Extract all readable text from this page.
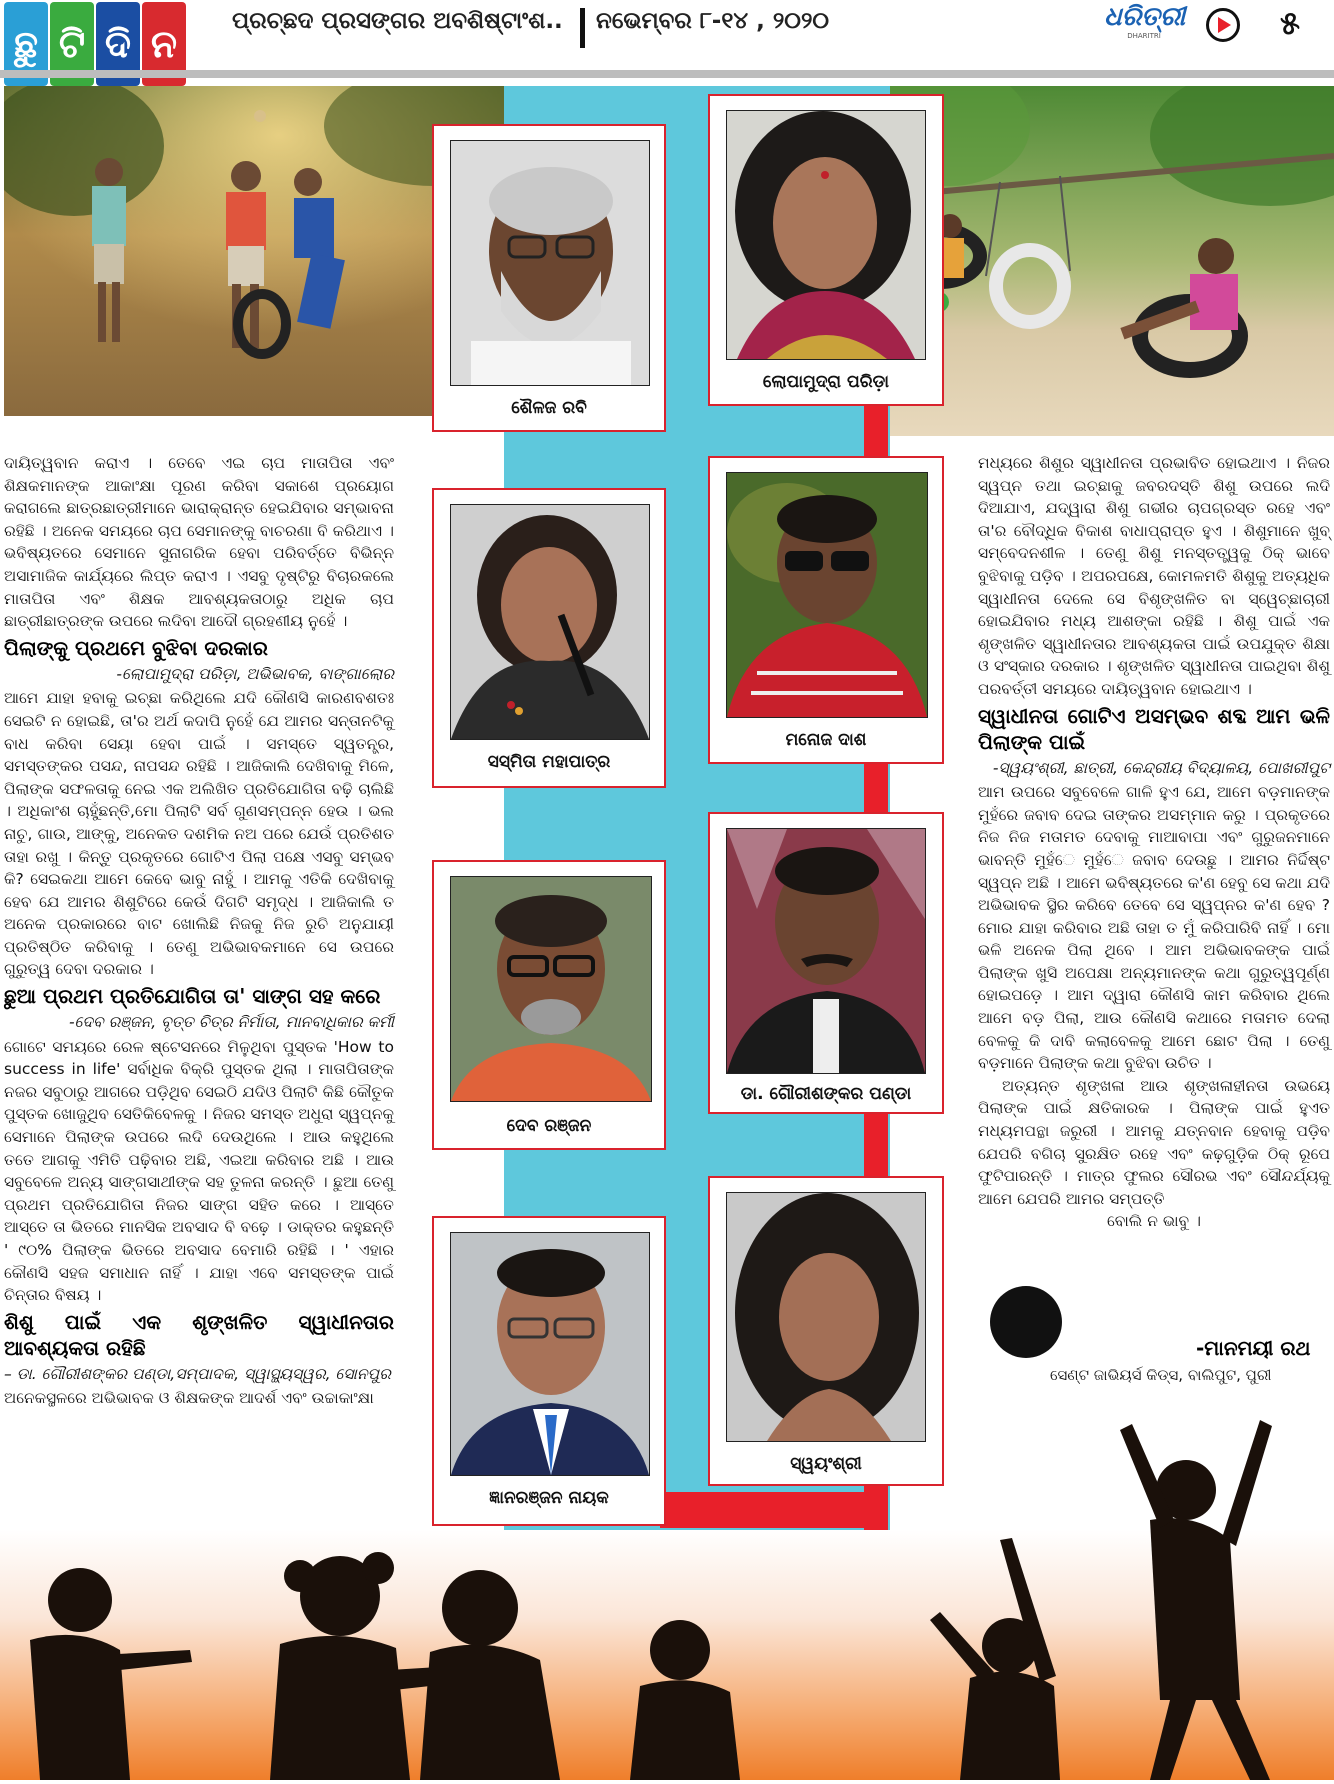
ଛୁ ଟି ଦି ନ
ପ୍ରଚ୍ଛଦ ପ୍ରସଙ୍ଗର ଅବଶିଷ୍ଟାଂଶ.. ନଭେମ୍ବର ୮-୧୪ , ୨୦୨୦	ଧରିତ୍ରୀ
DHARITRI	୫
ଶୈଳଜ ରବି
ଲୋପାମୁଦ୍ରା ପରିଡ଼ା
ସସ୍ମିତା ମହାପାତ୍ର
ମନୋଜ ଦାଶ
ଦେବ ରଞ୍ଜନ
ଡା. ଗୌରୀଶଙ୍କର ପଣ୍ଡା
ଜ୍ଞାନରଞ୍ଜନ ନାୟକ
ସ୍ୱୟଂଶ୍ରୀ

ଦାୟିତ୍ୱବାନ କରାଏ । ତେବେ ଏଇ ଚାପ ମାତାପିତା ଏବଂ ଶିକ୍ଷକମାନଙ୍କ ଆକାଂକ୍ଷା ପୂରଣ କରିବା ସକାଶେ ପ୍ରୟୋଗ କରାଗଲେ ଛାତ୍ରଛାତ୍ରୀମାନେ ଭାରାକ୍ରାନ୍ତ ହେଇଯିବାର ସମ୍ଭାବନା ରହିଛି । ଅନେକ ସମୟରେ ଚାପ ସେମାନଙ୍କୁ ବାଚରଣା ବି କରିଥାଏ । ଭବିଷ୍ୟତରେ ସେମାନେ ସୁନାଗରିକ ହେବା ପରିବର୍ତ୍ତେ ବିଭିନ୍ନ ଅସାମାଜିକ କାର୍ଯ୍ୟରେ ଲିପ୍ତ କରାଏ । ଏସବୁ ଦୃଷ୍ଟିରୁ ବିଚାରକଲେ ମାତାପିତା ଏବଂ ଶିକ୍ଷକ ଆବଶ୍ୟକତାଠାରୁ ଅଧିକ ଚାପ ଛାତ୍ରୀଛାତ୍ରଙ୍କ ଉପରେ ଲଦିବା ଆଦୌ ଗ୍ରହଣୀୟ ନୁହେଁ ।

ପିଲାଙ୍କୁ ପ୍ରଥମେ ବୁଝିବା ଦରକାର
-ଲୋପାମୁଦ୍ରା ପରିଡ଼ା, ଅଭିଭାବକ, ବାଙ୍ଗାଲୋର

ଆମେ ଯାହା ହବାକୁ ଇଚ୍ଛା କରିଥିଲେ ଯଦି କୌଣସି କାରଣବଶତଃ ସେଇଟି ନ ହୋଇଛି, ତା'ର ଅର୍ଥ କଦାପି ନୁହେଁ ଯେ ଆମର ସନ୍ତାନଟିକୁ ବାଧ କରିବା ସେୟା ହେବା ପାଇଁ । ସମସ୍ତେ ସ୍ୱତନ୍ତ୍ର, ସମସ୍ତଙ୍କର ପସନ୍ଦ, ନାପସନ୍ଦ ରହିଛି । ଆଜିକାଲି ଦେଖିବାକୁ ମିଳେ, ପିଲାଙ୍କ ସଫଳତାକୁ ନେଇ ଏକ ଅଲିଖିତ ପ୍ରତିଯୋଗିତା ବଢ଼ି ଚାଲିଛି । ଅଧିକାଂଶ ଚାହୁଁଛନ୍ତି,ମୋ ପିଲାଟି ସର୍ବ ଗୁଣସମ୍ପନ୍ନ ହେଉ । ଭଲ ନାଚୁ, ଗାଉ, ଆଙ୍କୁ, ଅନେକତ ଦଶମିକ ନଅ ପରେ ଯେଉଁ ପ୍ରତିଶତ ତାହା ରଖୁ । କିନ୍ତୁ ପ୍ରକୃତରେ ଗୋଟିଏ ପିଲା ପକ୍ଷେ ଏସବୁ ସମ୍ଭବ କି? ସେଇକଥା ଆମେ କେବେ ଭାବୁ ନାହୁଁ । ଆମକୁ ଏତିକି ଦେଖିବାକୁ ହେବ ଯେ ଆମର ଶିଶୁଟିରେ କେଉଁ ଦିଗଟି ସମୃଦ୍ଧ । ଆଜିକାଲି ତ ଅନେକ ପ୍ରକାରରେ ବାଟ ଖୋଲିଛି ନିଜକୁ ନିଜ ରୁଚି ଅନୁଯାୟୀ ପ୍ରତିଷ୍ଠିତ କରିବାକୁ । ତେଣୁ ଅଭିଭାବକମାନେ ସେ ଉପରେ ଗୁରୁତ୍ୱ ଦେବା ଦରକାର ।

ଛୁଆ ପ୍ରଥମ ପ୍ରତିଯୋଗିତା ତା' ସାଙ୍ଗ ସହ କରେ
-ଦେବ ରଞ୍ଜନ, ବୃତ୍ତ ଚିତ୍ର ନିର୍ମାତା, ମାନବାଧିକାର କର୍ମୀ

ଗୋଟେ ସମୟରେ ରେଳ ଷ୍ଟେସନରେ ମିଳୁଥିବା ପୁସ୍ତକ 'How to success in life' ସର୍ବାଧିକ ବିକ୍ରି ପୁସ୍ତକ ଥିଲା । ମାତାପିତାଙ୍କ ନଜର ସବୁଠାରୁ ଆଗରେ ପଡ଼ିଥିବ ସେଇଠି ଯଦିଓ ପିଲାଟି କିଛି କୌତୁକ ପୁସ୍ତକ ଖୋଜୁଥିବ ସେତିକିବେଳକୁ । ନିଜର ସମସ୍ତ ଅଧୁରା ସ୍ୱପ୍ନକୁ ସେମାନେ ପିଲାଙ୍କ ଉପରେ ଲଦି ଦେଉଥିଲେ । ଆଉ କହୁଥିଲେ ତତେ ଆଗକୁ ଏମିତି ପଢ଼ିବାର ଅଛି, ଏଇଆ କରିବାର ଅଛି । ଆଉ ସବୁବେଳେ ଅନ୍ୟ ସାଙ୍ଗସାଥୀଙ୍କ ସହ ତୁଳନା କରନ୍ତି । ଛୁଆ ତେଣୁ ପ୍ରଥମ ପ୍ରତିଯୋଗିତା ନିଜର ସାଙ୍ଗ ସହିତ କରେ । ଆସ୍ତେ ଆସ୍ତେ ତା ଭିତରେ ମାନସିକ ଅବସାଦ ବି ବଢ଼େ । ଡାକ୍ତର କହୁଛନ୍ତି ' ୯୦% ପିଲାଙ୍କ ଭିତରେ ଅବସାଦ ବେମାରି ରହିଛି । ' ଏହାର କୌଣସି ସହଜ ସମାଧାନ ନାହିଁ । ଯାହା ଏବେ ସମସ୍ତଙ୍କ ପାଇଁ ଚିନ୍ତାର ବିଷୟ ।

ଶିଶୁ ପାଇଁ ଏକ ଶୃଙ୍ଖଳିତ ସ୍ୱାଧୀନତାର ଆବଶ୍ୟକତା ରହିଛି
– ଡା. ଗୌରୀଶଙ୍କର ପଣ୍ଡା,ସମ୍ପାଦକ, ସ୍ୱାସ୍ଥ୍ୟସ୍ୱର, ସୋନପୁର

ଅନେକସ୍ଥଳରେ ଅଭିଭାବକ ଓ ଶିକ୍ଷକଙ୍କ ଆଦର୍ଶ ଏବଂ ଉଚ୍ଚାକାଂକ୍ଷା

ମଧ୍ୟରେ ଶିଶୁର ସ୍ୱାଧୀନତା ପ୍ରଭାବିତ ହୋଇଥାଏ । ନିଜର ସ୍ୱପ୍ନ ତଥା ଇଚ୍ଛାକୁ ଜବରଦସ୍ତି ଶିଶୁ ଉପରେ ଲଦି ଦିଆଯାଏ, ଯଦ୍ୱାରା ଶିଶୁ ଗଭୀର ଚାପଗ୍ରସ୍ତ ରହେ ଏବଂ ତା'ର ବୌଦ୍ଧିକ ବିକାଶ ବାଧାପ୍ରାପ୍ତ ହୁଏ । ଶିଶୁମାନେ ଖୁବ୍ ସମ୍ବେଦନଶୀଳ । ତେଣୁ ଶିଶୁ ମନସ୍ତତ୍ତ୍ୱକୁ ଠିକ୍ ଭାବେ ବୁଝିବାକୁ ପଡ଼ିବ । ଅପରପକ୍ଷେ, କୋମଳମତି ଶିଶୁକୁ ଅତ୍ୟଧିକ ସ୍ୱାଧୀନତା ଦେଲେ ସେ ବିଶୃଙ୍ଖଳିତ ବା ସ୍ୱେଚ୍ଛାଚାରୀ ହୋଇଯିବାର ମଧ୍ୟ ଆଶଙ୍କା ରହିଛି । ଶିଶୁ ପାଇଁ ଏକ ଶୃଙ୍ଖଳିତ ସ୍ୱାଧୀନତାର ଆବଶ୍ୟକତା ପାଇଁ ଉପଯୁକ୍ତ ଶିକ୍ଷା ଓ ସଂସ୍କାର ଦରକାର । ଶୃଙ୍ଖଳିତ ସ୍ୱାଧୀନତା ପାଇଥିବା ଶିଶୁ ପରବର୍ତ୍ତୀ ସମୟରେ ଦାୟିତ୍ୱବାନ ହୋଇଥାଏ ।

ସ୍ୱାଧୀନତା ଗୋଟିଏ ଅସମ୍ଭବ ଶବ୍ଦ ଆମ ଭଳି ପିଲାଙ୍କ ପାଇଁ
-ସ୍ୱୟଂଶ୍ରୀ, ଛାତ୍ରୀ, କେନ୍ଦ୍ରୀୟ ବିଦ୍ୟାଳୟ, ପୋଖରୀପୁଟ

ଆମ ଉପରେ ସବୁବେଳେ ଗାଳି ହୁଏ ଯେ, ଆମେ ବଡ଼ମାନଙ୍କ ମୁହଁରେ ଜବାବ ଦେଇ ତାଙ୍କର ଅସମ୍ମାନ କରୁ । ପ୍ରକୃତରେ ନିଜ ନିଜ ମତାମତ ଦେବାକୁ ମାଆବାପା ଏବଂ ଗୁରୁଜନମାନେ ଭାବନ୍ତି ମୁହଁେ ମୁହଁେ ଜବାବ ଦେଉଛୁ । ଆମର ନିର୍ଦ୍ଦିଷ୍ଟ ସ୍ୱପ୍ନ ଅଛି । ଆମେ ଭବିଷ୍ୟତରେ କ'ଣ ହେବୁ ସେ କଥା ଯଦି ଅଭିଭାବକ ସ୍ଥିର କରିବେ ତେବେ ସେ ସ୍ୱପ୍ନର କ'ଣ ହେବ ? ମୋର ଯାହା କରିବାର ଅଛି ତାହା ତ ମୁଁ କରିପାରିବି ନାହିଁ । ମୋ ଭଳି ଅନେକ ପିଲା ଥିବେ । ଆମ ଅଭିଭାବକଙ୍କ ପାଇଁ ପିଲାଙ୍କ ଖୁସି ଅପେକ୍ଷା ଅନ୍ୟମାନଙ୍କ କଥା ଗୁରୁତ୍ୱପୂର୍ଣ୍ଣ ହୋଇପଡ଼େ । ଆମ ଦ୍ୱାରା କୌଣସି କାମ କରିବାର ଥିଲେ ଆମେ ବଡ଼ ପିଲା, ଆଉ କୌଣସି କଥାରେ ମତାମତ ଦେଲା ବେଳକୁ କି ଦାବି କଲାବେଳକୁ ଆମେ ଛୋଟ ପିଲା । ତେଣୁ ବଡ଼ମାନେ ପିଲାଙ୍କ କଥା ବୁଝିବା ଉଚିତ ।

ଅତ୍ୟନ୍ତ ଶୃଙ୍ଖଳା ଆଉ ଶୃଙ୍ଖଳାହୀନତା ଉଭୟେ ପିଲାଙ୍କ ପାଇଁ କ୍ଷତିକାରକ । ପିଲାଙ୍କ ପାଇଁ ହୁଏତ ମଧ୍ୟମପନ୍ଥା ଜରୁରୀ । ଆମକୁ ଯତ୍ନବାନ ହେବାକୁ ପଡ଼ିବ ଯେପରି ବଗିଚା ସୁରକ୍ଷିତ ରହେ ଏବଂ କଢ଼ଗୁଡ଼ିକ ଠିକ୍ ରୂପେ ଫୁଟିପାରନ୍ତି । ମାତ୍ର ଫୁଲର ସୌରଭ ଏବଂ ସୌନ୍ଦର୍ଯ୍ୟକୁ ଆମେ ଯେପରି ଆମର ସମ୍ପତ୍ତି

ବୋଲି ନ ଭାବୁ ।

-ମାନମୟୀ ରଥ
ସେଣ୍ଟ ଜାଭିୟର୍ସ କିଡ୍ସ, ବାଲିପୁଟ, ପୁରୀ
